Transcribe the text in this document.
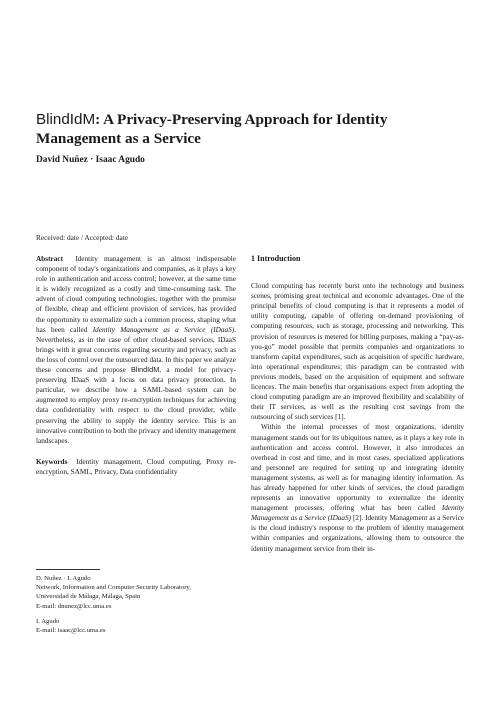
BlindIdM: A Privacy-Preserving Approach for Identity Management as a Service
David Nuñez · Isaac Agudo
Received: date / Accepted: date

Abstract Identity management is an almost indispensable component of today's organizations and companies, as it plays a key role in authentication and access control; however, at the same time it is widely recognized as a costly and time-consuming task. The advent of cloud computing technologies, together with the promise of flexible, cheap and efficient provision of services, has provided the opportunity to externalize such a common process, shaping what has been called Identity Management as a Service (IDaaS). Nevertheless, as in the case of other cloud-based services, IDaaS brings with it great concerns regarding security and privacy, such as the loss of control over the outsourced data. In this paper we analyze these concerns and propose BlindIdM, a model for privacy-preserving IDaaS with a focus on data privacy protection. In particular, we describe how a SAML-based system can be augmented to employ proxy re-encryption techniques for achieving data confidentiality with respect to the cloud provider, while preserving the ability to supply the identity service. This is an innovative contribution to both the privacy and identity management landscapes.

Keywords Identity management, Cloud computing, Proxy re-encryption, SAML, Privacy, Data confidentiality

D. Nuñez · I. Agudo

Network, Information and Computer Security Laboratory,

Universidad de Málaga, Málaga, Spain

E-mail: dnunez@lcc.uma.es

I. Agudo

E-mail: isaac@lcc.uma.es

1 Introduction

Cloud computing has recently burst onto the technology and business scenes, promising great technical and economic advantages. One of the principal benefits of cloud computing is that it represents a model of utility computing, capable of offering on-demand provisioning of computing resources, such as storage, processing and networking. This provision of resources is metered for billing purposes, making a “pay-as-you-go” model possible that permits companies and organizations to transform capital expenditures, such as acquisition of specific hardware, into operational expenditures; this paradigm can be contrasted with previous models, based on the acquisition of equipment and software licences. The main benefits that organisations expect from adopting the cloud computing paradigm are an improved flexibility and scalability of their IT services, as well as the resulting cost savings from the outsourcing of such services [1].

Within the internal processes of most organizations, identity management stands out for its ubiquitous nature, as it plays a key role in authentication and access control. However, it also introduces an overhead in cost and time, and in most cases, specialized applications and personnel are required for setting up and integrating identity management systems, as well as for managing identity information. As has already happened for other kinds of services, the cloud paradigm represents an innovative opportunity to externalize the identity management processes, offering what has been called Identity Management as a Service (IDaaS) [2]. Identity Management as a Service is the cloud industry's response to the problem of identity management within companies and organizations, allowing them to outsource the identity management service from their in-
